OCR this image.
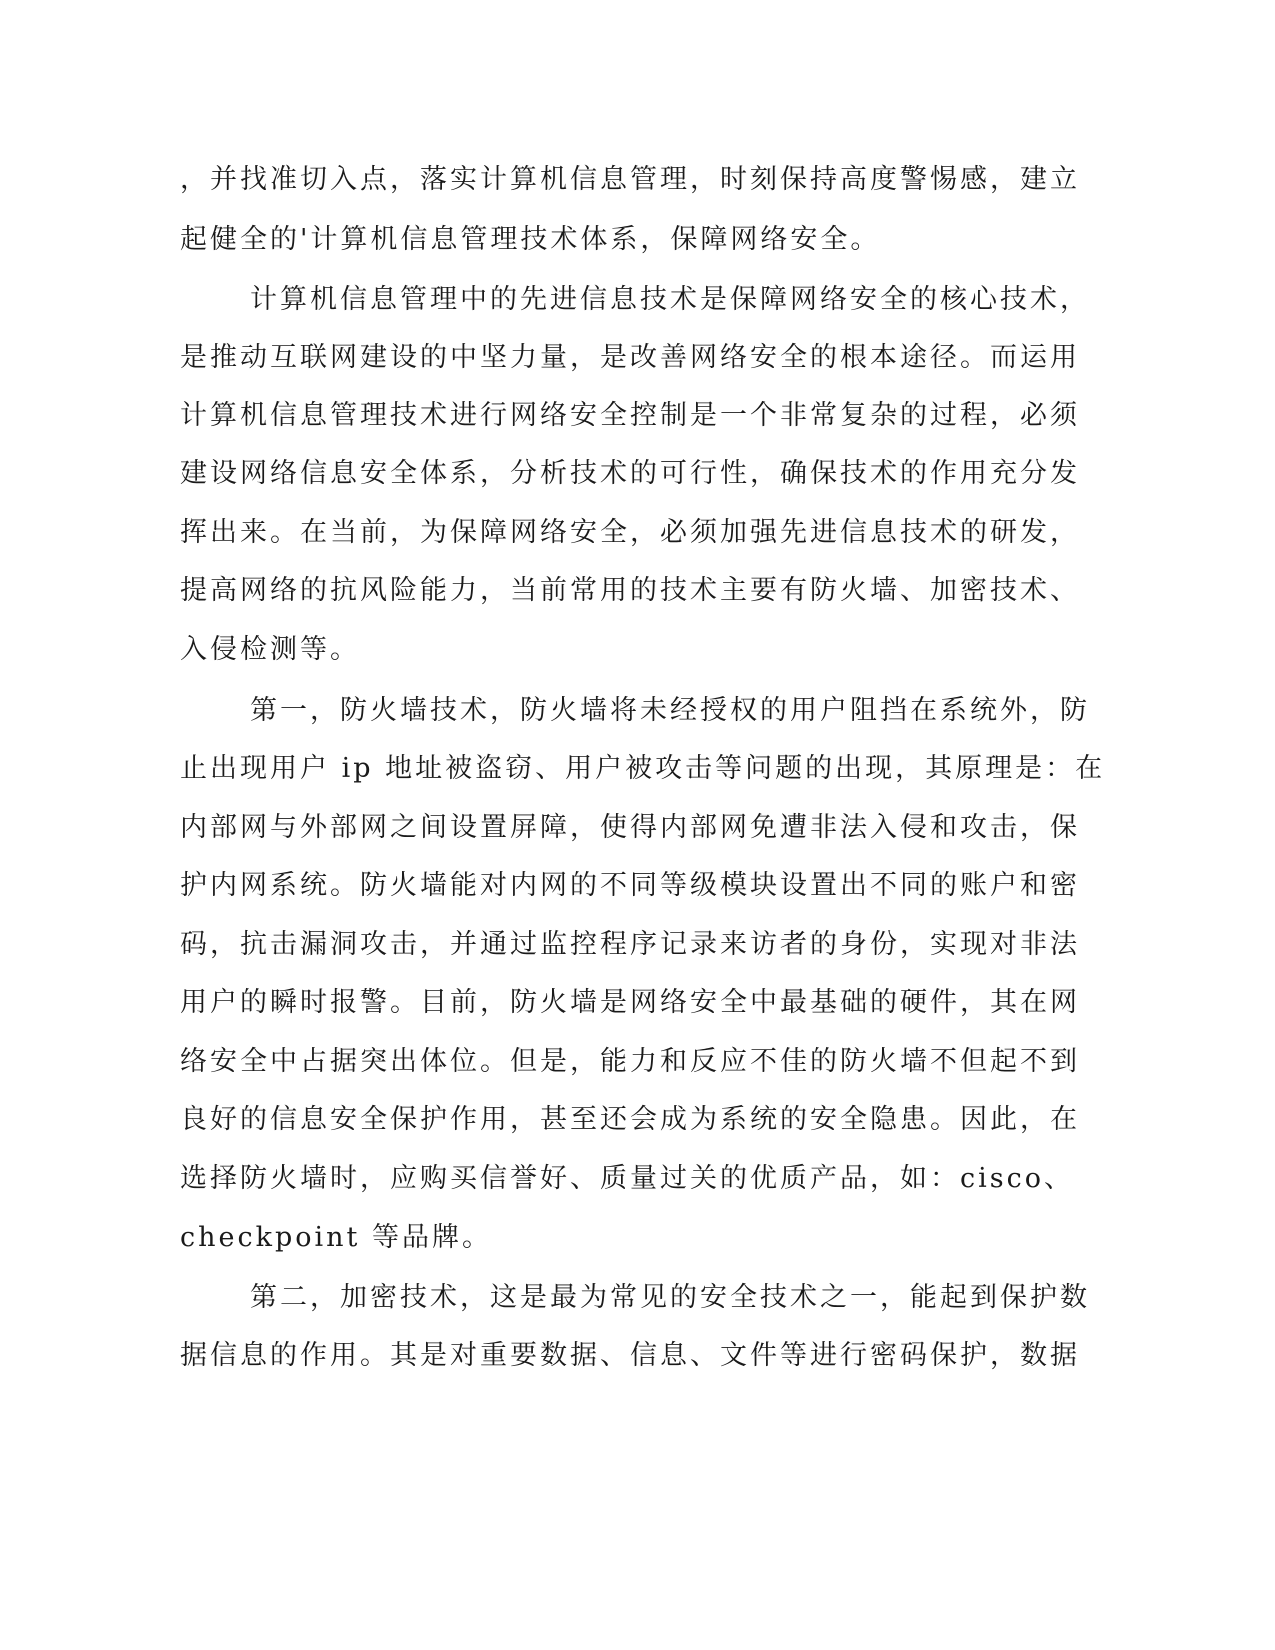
，并找准切入点，落实计算机信息管理，时刻保持高度警惕感，建立
起健全的'计算机信息管理技术体系，保障网络安全。
计算机信息管理中的先进信息技术是保障网络安全的核心技术，
是推动互联网建设的中坚力量，是改善网络安全的根本途径。而运用
计算机信息管理技术进行网络安全控制是一个非常复杂的过程，必须
建设网络信息安全体系，分析技术的可行性，确保技术的作用充分发
挥出来。在当前，为保障网络安全，必须加强先进信息技术的研发，
提高网络的抗风险能力，当前常用的技术主要有防火墙、加密技术、
入侵检测等。
第一，防火墙技术，防火墙将未经授权的用户阻挡在系统外，防
止出现用户 ip 地址被盗窃、用户被攻击等问题的出现，其原理是：在
内部网与外部网之间设置屏障，使得内部网免遭非法入侵和攻击，保
护内网系统。防火墙能对内网的不同等级模块设置出不同的账户和密
码，抗击漏洞攻击，并通过监控程序记录来访者的身份，实现对非法
用户的瞬时报警。目前，防火墙是网络安全中最基础的硬件，其在网
络安全中占据突出体位。但是，能力和反应不佳的防火墙不但起不到
良好的信息安全保护作用，甚至还会成为系统的安全隐患。因此，在
选择防火墙时，应购买信誉好、质量过关的优质产品，如：cisco、
checkpoint 等品牌。
第二，加密技术，这是最为常见的安全技术之一，能起到保护数
据信息的作用。其是对重要数据、信息、文件等进行密码保护，数据
